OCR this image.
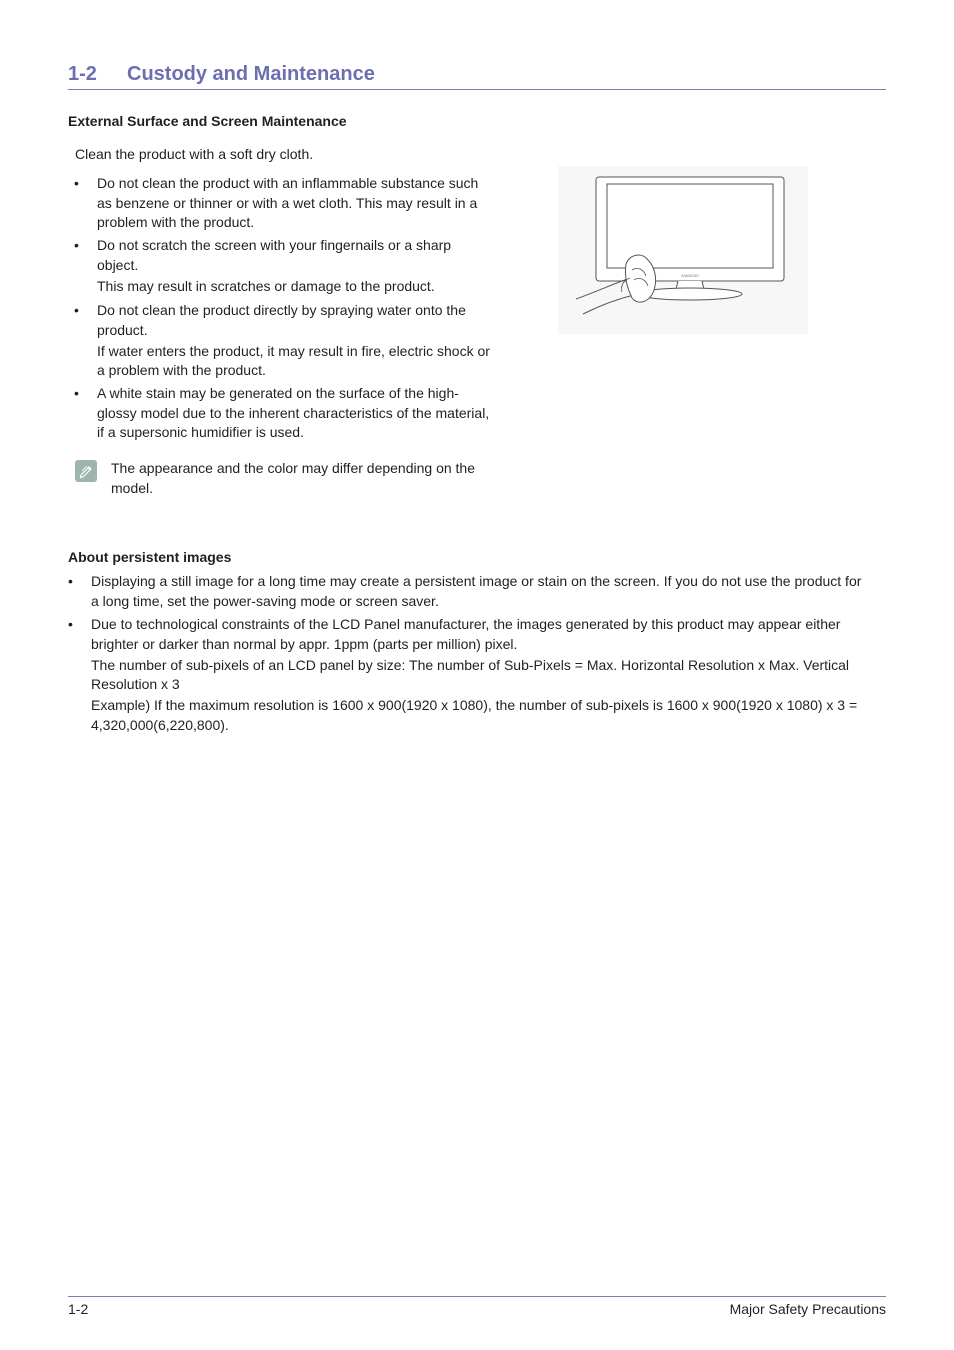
1-2 Custody and Maintenance
External Surface and Screen Maintenance
Clean the product with a soft dry cloth.
• Do not clean the product with an inflammable substance such
as benzene or thinner or with a wet cloth. This may result in a
problem with the product.
• Do not scratch the screen with your fingernails or a sharp
object.
This may result in scratches or damage to the product.
• Do not clean the product directly by spraying water onto the
product.
If water enters the product, it may result in fire, electric shock or
a problem with the product.
• A white stain may be generated on the surface of the high-
glossy model due to the inherent characteristics of the material,
if a supersonic humidifier is used.
The appearance and the color may differ depending on the
model.
SAMSUNG
About persistent images
• Displaying a still image for a long time may create a persistent image or stain on the screen. If you do not use the product for
a long time, set the power-saving mode or screen saver.
• Due to technological constraints of the LCD Panel manufacturer, the images generated by this product may appear either
brighter or darker than normal by appr. 1ppm (parts per million) pixel.
The number of sub-pixels of an LCD panel by size: The number of Sub-Pixels = Max. Horizontal Resolution x Max. Vertical
Resolution x 3
Example) If the maximum resolution is 1600 x 900(1920 x 1080), the number of sub-pixels is 1600 x 900(1920 x 1080) x 3 =
4,320,000(6,220,800).
1-2	Major Safety Precautions
